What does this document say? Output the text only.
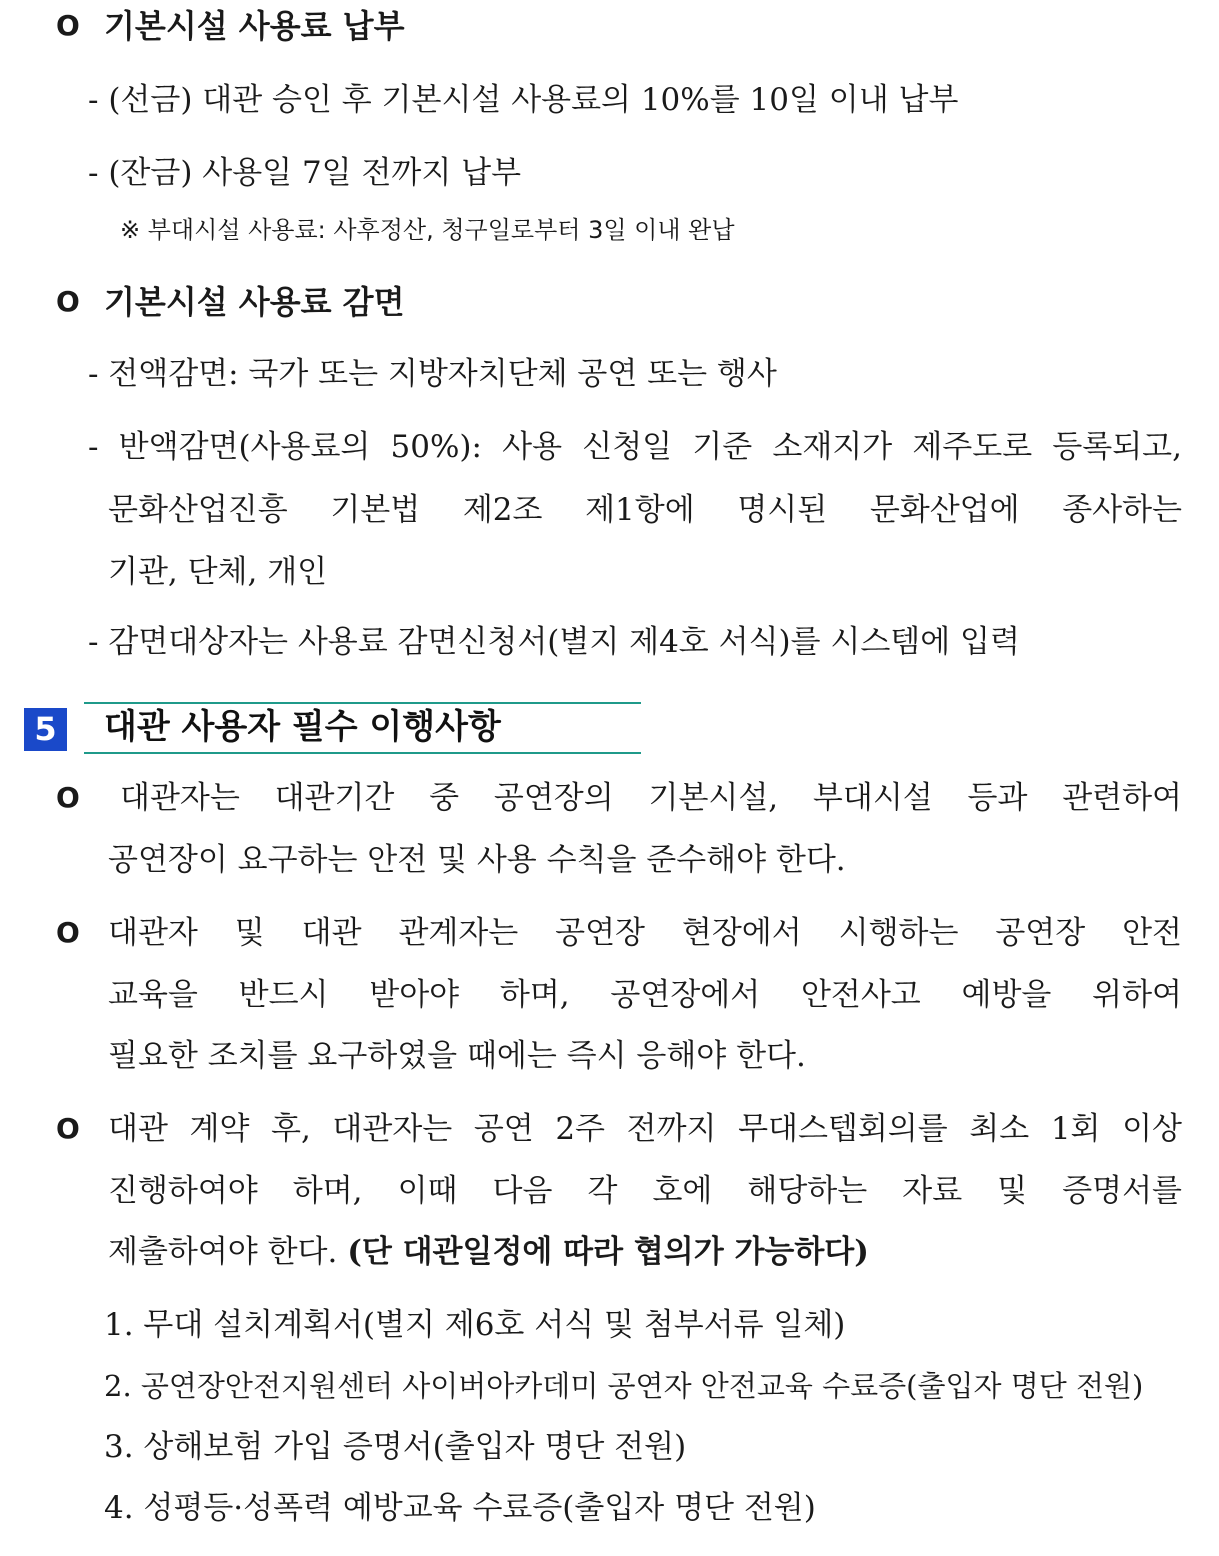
O 기본시설 사용료 납부
- (선금) 대관 승인 후 기본시설 사용료의 10%를 10일 이내 납부
- (잔금) 사용일 7일 전까지 납부
※ 부대시설 사용료: 사후정산, 청구일로부터 3일 이내 완납
O 기본시설 사용료 감면
- 전액감면: 국가 또는 지방자치단체 공연 또는 행사
- 반액감면(사용료의 50%): 사용 신청일 기준 소재지가 제주도로 등록되고,
문화산업진흥 기본법 제2조 제1항에 명시된 문화산업에 종사하는
기관, 단체, 개인
- 감면대상자는 사용료 감면신청서(별지 제4호 서식)를 시스템에 입력
5	대관 사용자 필수 이행사항
O 대관자는 대관기간 중 공연장의 기본시설, 부대시설 등과 관련하여
공연장이 요구하는 안전 및 사용 수칙을 준수해야 한다.
O 대관자 및 대관 관계자는 공연장 현장에서 시행하는 공연장 안전
교육을 반드시 받아야 하며, 공연장에서 안전사고 예방을 위하여
필요한 조치를 요구하였을 때에는 즉시 응해야 한다.
O 대관 계약 후, 대관자는 공연 2주 전까지 무대스텝회의를 최소 1회 이상
진행하여야 하며, 이때 다음 각 호에 해당하는 자료 및 증명서를
제출하여야 한다. (단 대관일정에 따라 협의가 가능하다)
1. 무대 설치계획서(별지 제6호 서식 및 첨부서류 일체)
2. 공연장안전지원센터 사이버아카데미 공연자 안전교육 수료증(출입자 명단 전원)
3. 상해보험 가입 증명서(출입자 명단 전원)
4. 성평등·성폭력 예방교육 수료증(출입자 명단 전원)
